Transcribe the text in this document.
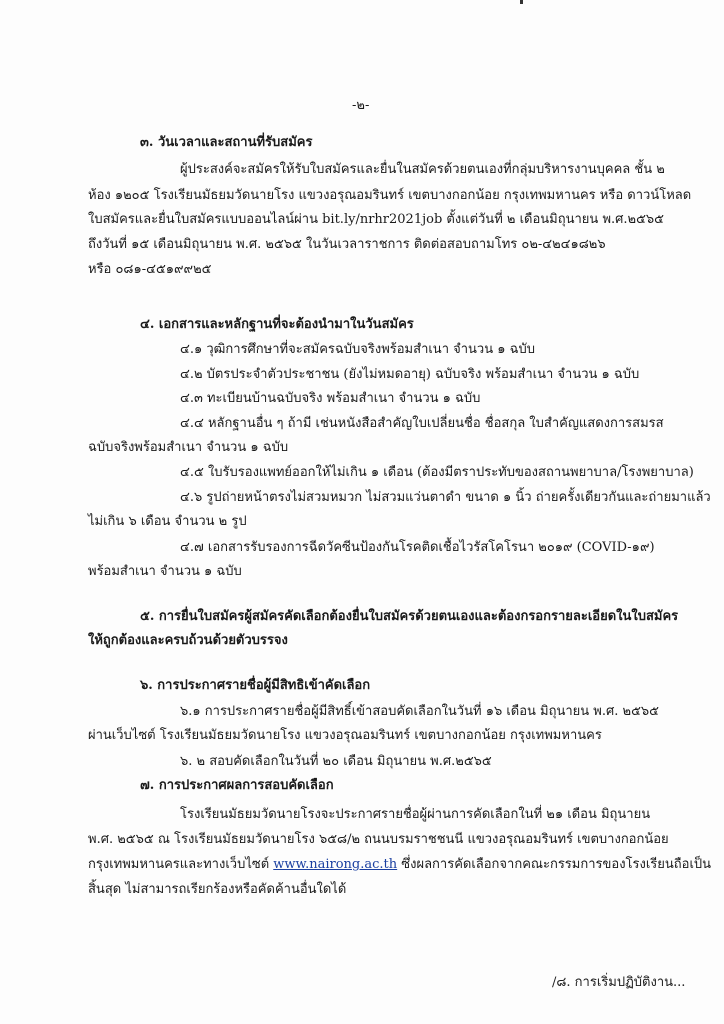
-๒-
๓. วันเวลาและสถานที่รับสมัคร
ผู้ประสงค์จะสมัครให้รับใบสมัครและยื่นในสมัครด้วยตนเองที่กลุ่มบริหารงานบุคคล ชั้น ๒
ห้อง ๑๒๐๕ โรงเรียนมัธยมวัดนายโรง แขวงอรุณอมรินทร์ เขตบางกอกน้อย กรุงเทพมหานคร หรือ ดาวน์โหลด
ใบสมัครและยื่นใบสมัครแบบออนไลน์ผ่าน bit.ly/nrhr2021job ตั้งแต่วันที่ ๒ เดือนมิถุนายน พ.ศ.๒๕๖๕
ถึงวันที่ ๑๕ เดือนมิถุนายน พ.ศ. ๒๕๖๕ ในวันเวลาราชการ ติดต่อสอบถามโทร ๐๒-๔๒๔๑๘๒๖
หรือ ๐๘๑-๔๕๑๙๙๒๕
๔. เอกสารและหลักฐานที่จะต้องนำมาในวันสมัคร
๔.๑ วุฒิการศึกษาที่จะสมัครฉบับจริงพร้อมสำเนา จำนวน ๑ ฉบับ
๔.๒ บัตรประจำตัวประชาชน (ยังไม่หมดอายุ) ฉบับจริง พร้อมสำเนา จำนวน ๑ ฉบับ
๔.๓ ทะเบียนบ้านฉบับจริง พร้อมสำเนา จำนวน ๑ ฉบับ
๔.๔ หลักฐานอื่น ๆ ถ้ามี เช่นหนังสือสำคัญใบเปลี่ยนชื่อ ชื่อสกุล ใบสำคัญแสดงการสมรส
ฉบับจริงพร้อมสำเนา จำนวน ๑ ฉบับ
๔.๕ ใบรับรองแพทย์ออกให้ไม่เกิน ๑ เดือน (ต้องมีตราประทับของสถานพยาบาล/โรงพยาบาล)
๔.๖ รูปถ่ายหน้าตรงไม่สวมหมวก ไม่สวมแว่นตาดำ ขนาด ๑ นิ้ว ถ่ายครั้งเดียวกันและถ่ายมาแล้ว
ไม่เกิน ๖ เดือน จำนวน ๒ รูป
๔.๗ เอกสารรับรองการฉีดวัคซีนป้องกันโรคติดเชื้อไวรัสโคโรนา ๒๐๑๙ (COVID-๑๙)
พร้อมสำเนา จำนวน ๑ ฉบับ
๕. การยื่นใบสมัครผู้สมัครคัดเลือกต้องยื่นใบสมัครด้วยตนเองและต้องกรอกรายละเอียดในใบสมัคร
ให้ถูกต้องและครบถ้วนด้วยตัวบรรจง
๖. การประกาศรายชื่อผู้มีสิทธิเข้าคัดเลือก
๖.๑ การประกาศรายชื่อผู้มีสิทธิ์เข้าสอบคัดเลือกในวันที่ ๑๖ เดือน มิถุนายน พ.ศ. ๒๕๖๕
ผ่านเว็บไซต์ โรงเรียนมัธยมวัดนายโรง แขวงอรุณอมรินทร์ เขตบางกอกน้อย กรุงเทพมหานคร
๖. ๒ สอบคัดเลือกในวันที่ ๒๐ เดือน มิถุนายน พ.ศ.๒๕๖๕
๗. การประกาศผลการสอบคัดเลือก
โรงเรียนมัธยมวัดนายโรงจะประกาศรายชื่อผู้ผ่านการคัดเลือกในที่ ๒๑ เดือน มิถุนายน
พ.ศ. ๒๕๖๕ ณ โรงเรียนมัธยมวัดนายโรง ๖๕๘/๒ ถนนบรมราชชนนี แขวงอรุณอมรินทร์ เขตบางกอกน้อย
กรุงเทพมหานครและทางเว็บไซต์ www.nairong.ac.th ซึ่งผลการคัดเลือกจากคณะกรรมการของโรงเรียนถือเป็น
สิ้นสุด ไม่สามารถเรียกร้องหรือคัดค้านอื่นใดได้
/๘. การเริ่มปฏิบัติงาน...
